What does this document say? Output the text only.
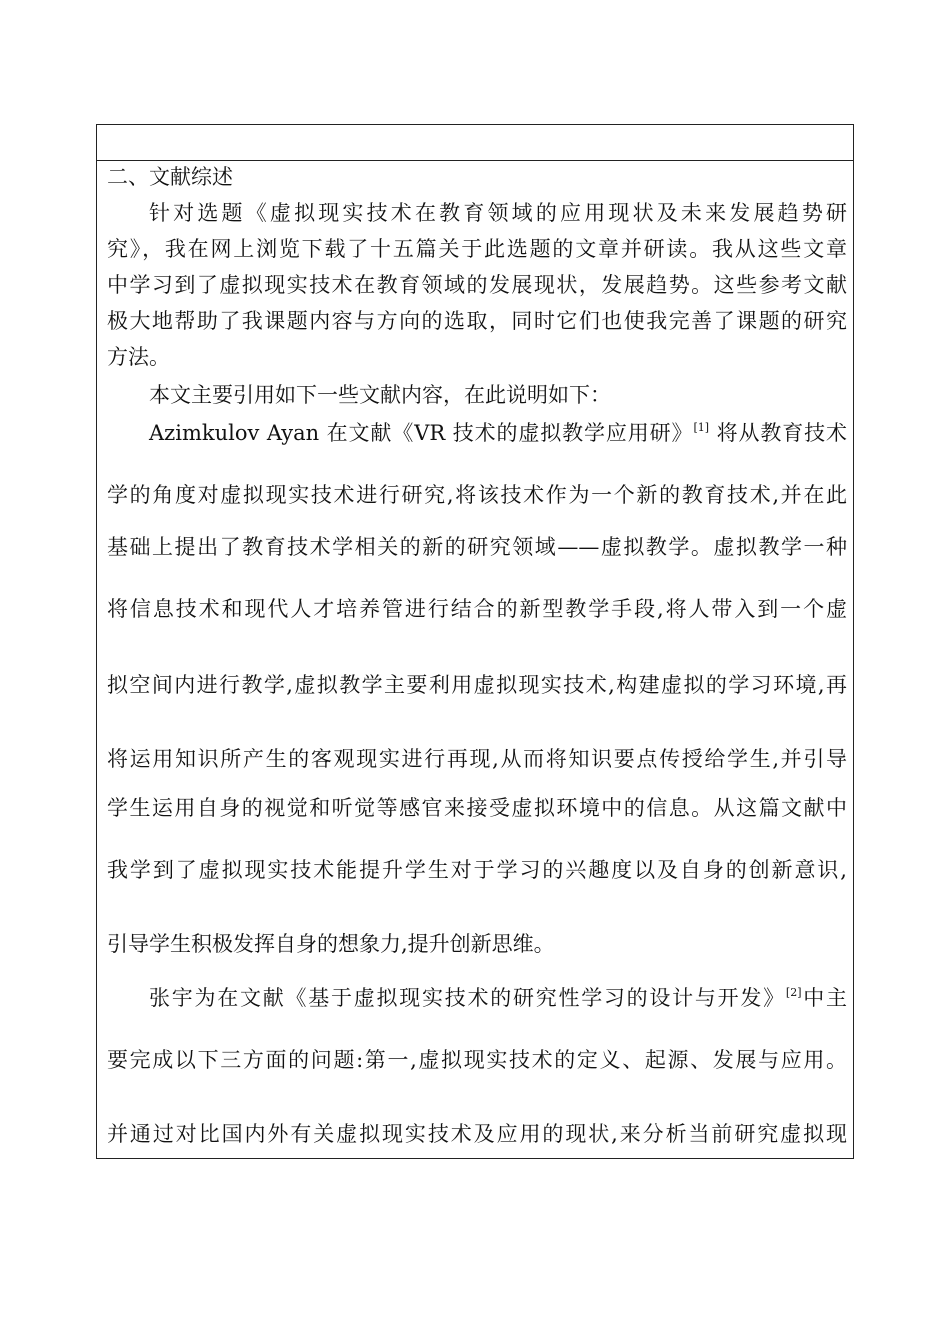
二、文献综述
针对选题《虚拟现实技术在教育领域的应用现状及未来发展趋势研
究》，我在网上浏览下载了十五篇关于此选题的文章并研读。我从这些文章
中学习到了虚拟现实技术在教育领域的发展现状，发展趋势。这些参考文献
极大地帮助了我课题内容与方向的选取，同时它们也使我完善了课题的研究
方法。
本文主要引用如下一些文献内容，在此说明如下：
Azimkulov Ayan 在文献《VR 技术的虚拟教学应用研》[1] 将从教育技术
学的角度对虚拟现实技术进行研究,将该技术作为一个新的教育技术,并在此
基础上提出了教育技术学相关的新的研究领域——虚拟教学。虚拟教学一种
将信息技术和现代人才培养管进行结合的新型教学手段,将人带入到一个虚
拟空间内进行教学,虚拟教学主要利用虚拟现实技术,构建虚拟的学习环境,再
将运用知识所产生的客观现实进行再现,从而将知识要点传授给学生,并引导
学生运用自身的视觉和听觉等感官来接受虚拟环境中的信息。从这篇文献中
我学到了虚拟现实技术能提升学生对于学习的兴趣度以及自身的创新意识,
引导学生积极发挥自身的想象力,提升创新思维。
张宇为在文献《基于虚拟现实技术的研究性学习的设计与开发》[2]中主
要完成以下三方面的问题:第一,虚拟现实技术的定义、起源、发展与应用。
并通过对比国内外有关虚拟现实技术及应用的现状,来分析当前研究虚拟现
